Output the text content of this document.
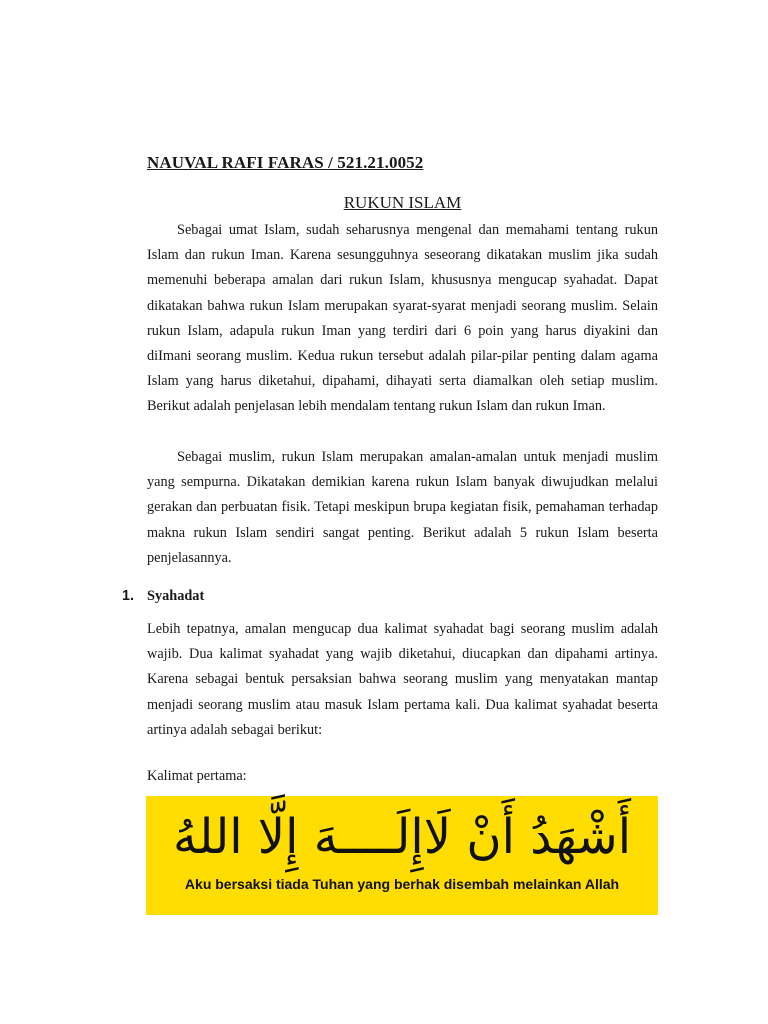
NAUVAL RAFI FARAS / 521.21.0052
RUKUN ISLAM

Sebagai umat Islam, sudah seharusnya mengenal dan memahami tentang rukun Islam dan rukun Iman. Karena sesungguhnya seseorang dikatakan muslim jika sudah memenuhi beberapa amalan dari rukun Islam, khususnya mengucap syahadat. Dapat dikatakan bahwa rukun Islam merupakan syarat-syarat menjadi seorang muslim. Selain rukun Islam, adapula rukun Iman yang terdiri dari 6 poin yang harus diyakini dan diImani seorang muslim. Kedua rukun tersebut adalah pilar-pilar penting dalam agama Islam yang harus diketahui, dipahami, dihayati serta diamalkan oleh setiap muslim. Berikut adalah penjelasan lebih mendalam tentang rukun Islam dan rukun Iman.

Sebagai muslim, rukun Islam merupakan amalan-amalan untuk menjadi muslim yang sempurna. Dikatakan demikian karena rukun Islam banyak diwujudkan melalui gerakan dan perbuatan fisik. Tetapi meskipun brupa kegiatan fisik, pemahaman terhadap makna rukun Islam sendiri sangat penting. Berikut adalah 5 rukun Islam beserta penjelasannya.

1. Syahadat

Lebih tepatnya, amalan mengucap dua kalimat syahadat bagi seorang muslim adalah wajib. Dua kalimat syahadat yang wajib diketahui, diucapkan dan dipahami artinya. Karena sebagai bentuk persaksian bahwa seorang muslim yang menyatakan mantap menjadi seorang muslim atau masuk Islam pertama kali. Dua kalimat syahadat beserta artinya adalah sebagai berikut:

Kalimat pertama:
أَشْهَدُ أَنْ لَاإِلَــــهَ إِلَّا اللهُ
Aku bersaksi tiada Tuhan yang berhak disembah melainkan Allah
